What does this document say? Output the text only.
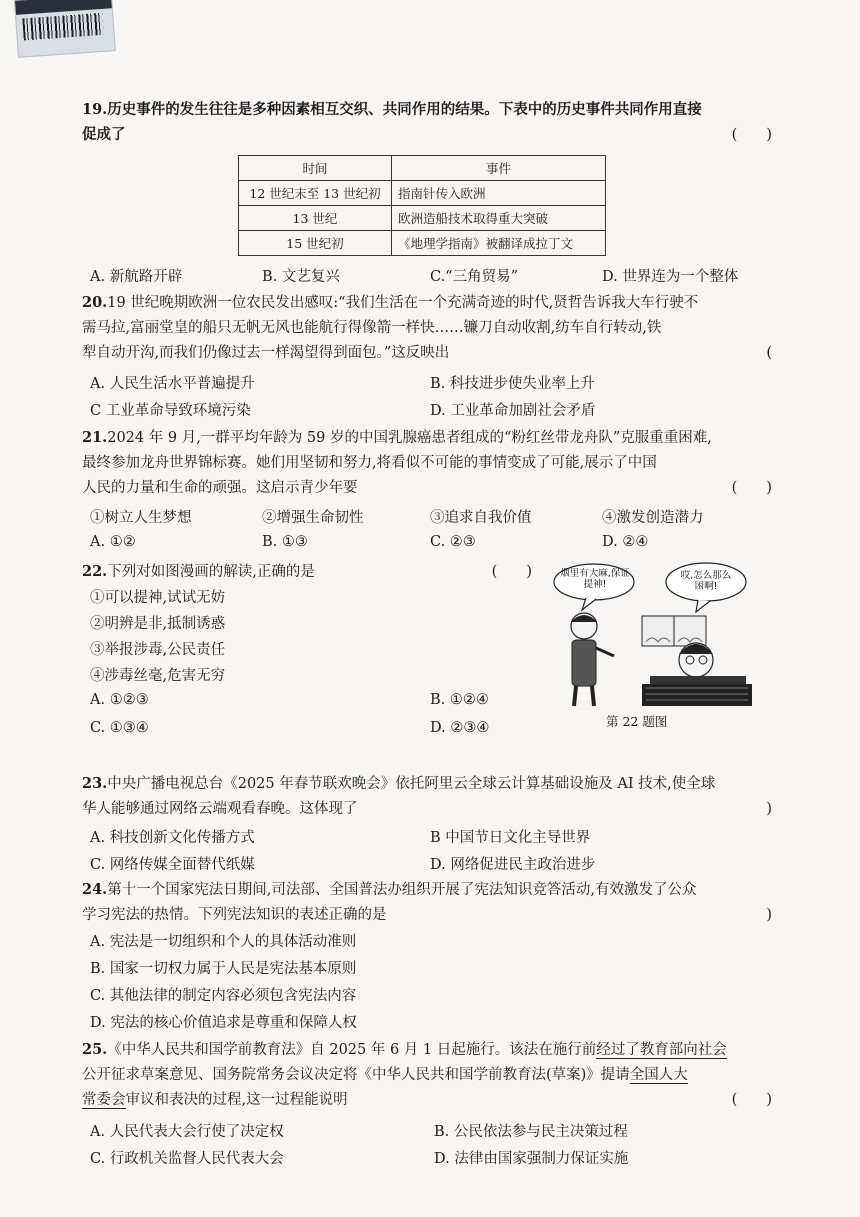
19.历史事件的发生往往是多种因素相互交织、共同作用的结果。下表中的历史事件共同作用直接
促成了	(　　)
时间	事件
12 世纪末至 13 世纪初	指南针传入欧洲
13 世纪	欧洲造船技术取得重大突破
15 世纪初	《地理学指南》被翻译成拉丁文
A. 新航路开辟	B. 文艺复兴	C.“三角贸易”	D. 世界连为一个整体
20.19 世纪晚期欧洲一位农民发出感叹:“我们生活在一个充满奇迹的时代,贤哲告诉我大车行驶不
需马拉,富丽堂皇的船只无帆无风也能航行得像箭一样快……镰刀自动收割,纺车自行转动,铁
犁自动开沟,而我们仍像过去一样渴望得到面包。”这反映出	(
A. 人民生活水平普遍提升	B. 科技进步使失业率上升
C 工业革命导致环境污染	D. 工业革命加剧社会矛盾
21.2024 年 9 月,一群平均年龄为 59 岁的中国乳腺癌患者组成的“粉红丝带龙舟队”克服重重困难,
最终参加龙舟世界锦标赛。她们用坚韧和努力,将看似不可能的事情变成了可能,展示了中国
人民的力量和生命的顽强。这启示青少年要	(　　)
①树立人生梦想	②增强生命韧性	③追求自我价值	④激发创造潜力
A. ①②	B. ①③	C. ②③	D. ②④
22.下列对如图漫画的解读,正确的是	(　　)
①可以提神,试试无妨
②明辨是非,抵制诱惑
③举报涉毒,公民责任
④涉毒丝毫,危害无穷
A. ①②③	B. ①②④
C. ①③④	D. ②③④
烟里有大麻,保证提神!
哎,怎么那么困啊!
第 22 题图
23.中央广播电视总台《2025 年春节联欢晚会》依托阿里云全球云计算基础设施及 AI 技术,使全球
华人能够通过网络云端观看春晚。这体现了	)
A. 科技创新文化传播方式	B 中国节日文化主导世界
C. 网络传媒全面替代纸媒	D. 网络促进民主政治进步
24.第十一个国家宪法日期间,司法部、全国普法办组织开展了宪法知识竞答活动,有效激发了公众
学习宪法的热情。下列宪法知识的表述正确的是	)
A. 宪法是一切组织和个人的具体活动准则
B. 国家一切权力属于人民是宪法基本原则
C. 其他法律的制定内容必须包含宪法内容
D. 宪法的核心价值追求是尊重和保障人权
25.《中华人民共和国学前教育法》自 2025 年 6 月 1 日起施行。该法在施行前经过了教育部向社会
公开征求草案意见、国务院常务会议决定将《中华人民共和国学前教育法(草案)》提请全国人大
常委会审议和表决的过程,这一过程能说明	(　　)
A. 人民代表大会行使了决定权	B. 公民依法参与民主决策过程
C. 行政机关监督人民代表大会	D. 法律由国家强制力保证实施
